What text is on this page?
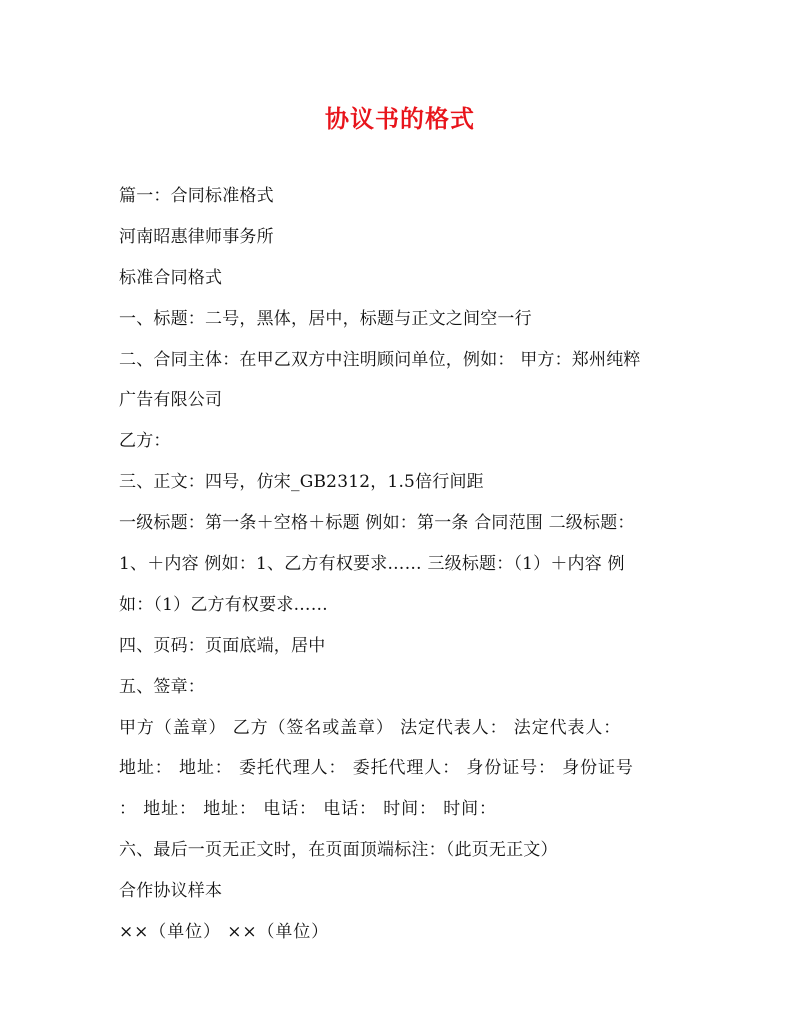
协议书的格式
篇一：合同标准格式
河南昭惠律师事务所
标准合同格式
一、标题：二号，黑体，居中，标题与正文之间空一行
二、合同主体：在甲乙双方中注明顾问单位，例如： 甲方：郑州纯粹
广告有限公司
乙方：
三、正文：四号，仿宋_GB2312，1.5倍行间距
一级标题：第一条＋空格＋标题 例如：第一条 合同范围 二级标题：
1、＋内容 例如：1、乙方有权要求…… 三级标题：（1）＋内容 例
如：（1）乙方有权要求……
四、页码：页面底端，居中
五、签章：
甲方（盖章） 乙方（签名或盖章） 法定代表人： 法定代表人：
地址： 地址： 委托代理人： 委托代理人： 身份证号： 身份证号
： 地址： 地址： 电话： 电话： 时间： 时间：
六、最后一页无正文时，在页面顶端标注：（此页无正文）
合作协议样本
××（单位） ××（单位）
